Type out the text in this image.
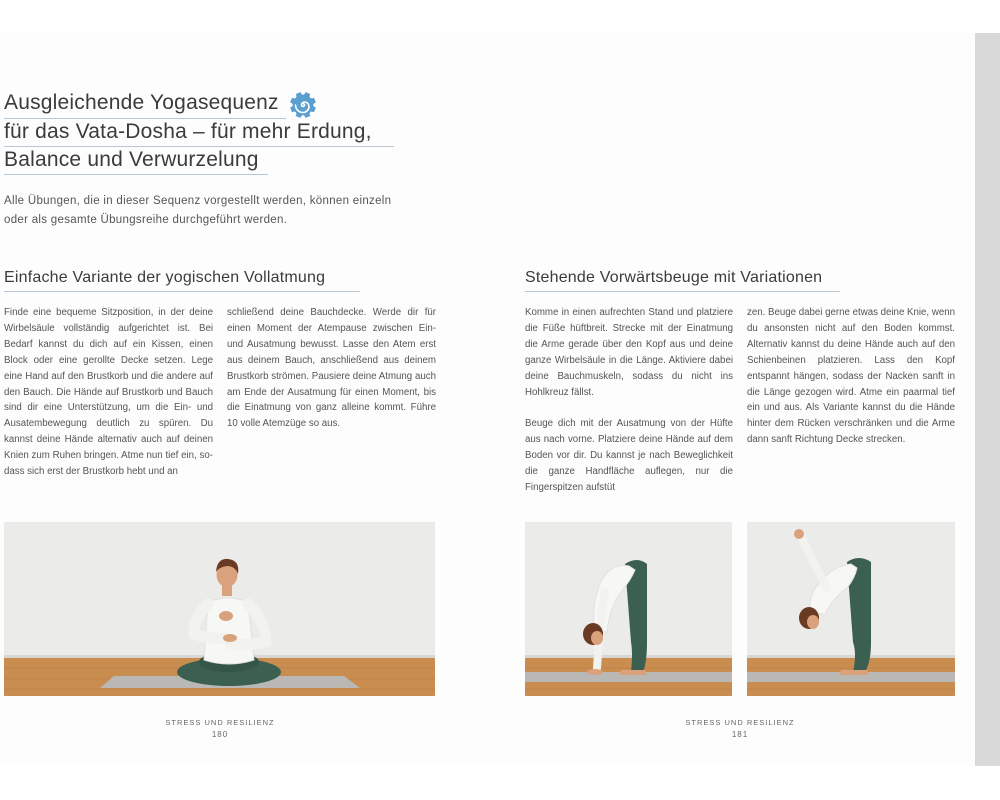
Ausgleichende Yogasequenz
für das Vata-Dosha – für mehr Erdung,
Balance und Verwurzelung
Alle Übungen, die in dieser Sequenz vorgestellt werden, können einzeln oder als gesamte Übungsreihe durchgeführt werden.
Einfache Variante der yogischen Vollatmung

Finde eine bequeme Sitzposition, in der deine Wirbelsäule vollständig aufgerichtet ist. Bei Bedarf kannst du dich auf ein Kissen, einen Block oder eine gerollte Decke setzen. Lege eine Hand auf den Brustkorb und die andere auf den Bauch. Die Hände auf Brustkorb und Bauch sind dir eine Unterstützung, um die Ein- und Ausatembewegung deutlich zu spüren. Du kannst deine Hände alternativ auch auf deinen Knien zum Ruhen bringen. Atme nun tief ein, sodass sich erst der Brustkorb hebt und an

schließend deine Bauchdecke. Werde dir für einen Moment der Atempause zwischen Ein- und Ausatmung bewusst. Lasse den Atem erst aus deinem Bauch, anschließend aus deinem Brustkorb strömen. Pausiere deine Atmung auch am Ende der Ausatmung für einen Moment, bis die Einatmung von ganz alleine kommt. Führe 10 volle Atemzüge so aus.

Stehende Vorwärtsbeuge mit Variationen

Komme in einen aufrechten Stand und platziere die Füße hüftbreit. Strecke mit der Einatmung die Arme gerade über den Kopf aus und deine ganze Wirbelsäule in die Länge. Aktiviere dabei deine Bauchmuskeln, sodass du nicht ins Hohlkreuz fällst.

Beuge dich mit der Ausatmung von der Hüfte aus nach vorne. Platziere deine Hände auf dem Boden vor dir. Du kannst je nach Beweglichkeit die ganze Handfläche auflegen, nur die Fingerspitzen aufstüt

zen. Beuge dabei gerne etwas deine Knie, wenn du ansonsten nicht auf den Boden kommst. Alternativ kannst du deine Hände auch auf den Schienbeinen platzieren. Lass den Kopf entspannt hängen, sodass der Nacken sanft in die Länge gezogen wird. Atme ein paarmal tief ein und aus. Als Variante kannst du die Hände hinter dem Rücken verschränken und die Arme dann sanft Richtung Decke strecken.

STRESS UND RESILIENZ
180
STRESS UND RESILIENZ
181
